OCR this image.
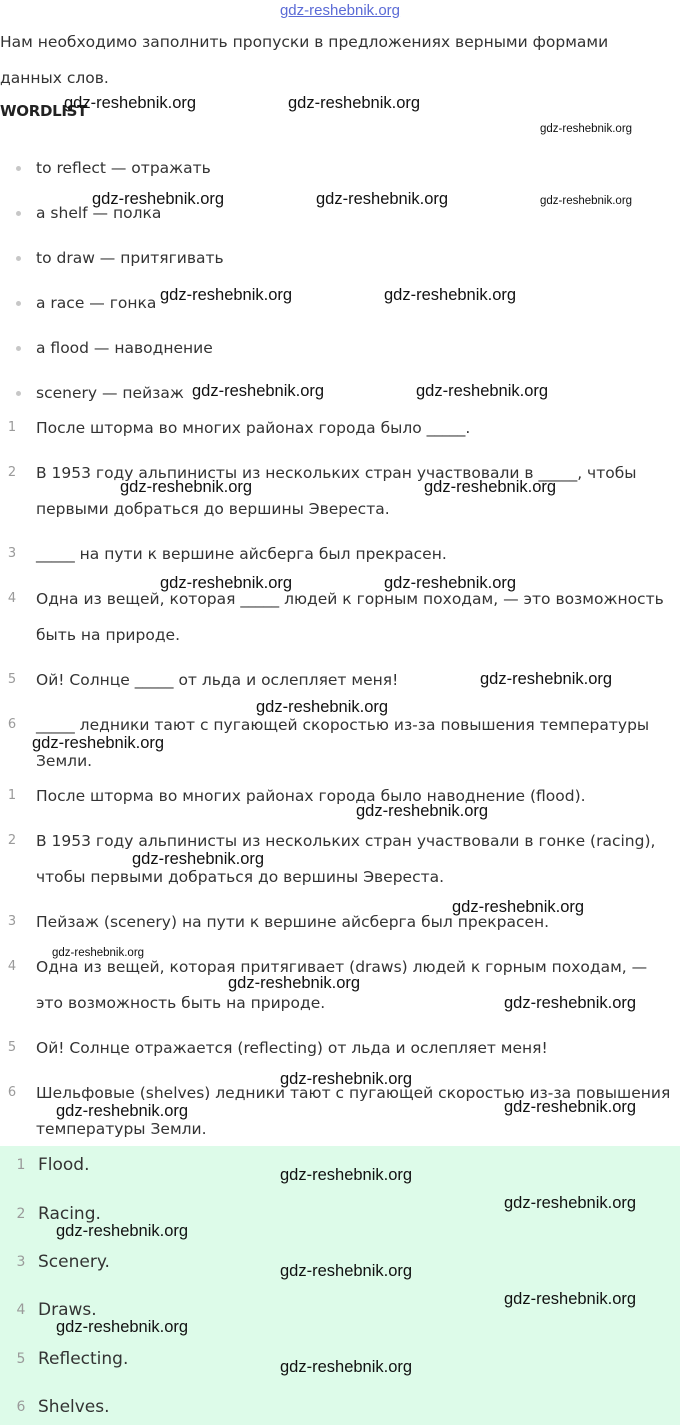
gdz-reshebnik.org
Нам необходимо заполнить пропуски в предложениях верными формами данных слов.
WORDLIST
to reflect — отражать
a shelf — полка
to draw — притягивать
a race — гонка
a flood — наводнение
scenery — пейзаж
1	После шторма во многих районах города было _____.
2	В 1953 году альпинисты из нескольких стран участвовали в _____, чтобы первыми добраться до вершины Эвереста.
3	_____ на пути к вершине айсберга был прекрасен.
4	Одна из вещей, которая _____ людей к горным походам, — это возможность быть на природе.
5	Ой! Солнце _____ от льда и ослепляет меня!
6	_____ ледники тают с пугающей скоростью из-за повышения температуры Земли.
1	После шторма во многих районах города было наводнение (flood).
2	В 1953 году альпинисты из нескольких стран участвовали в гонке (racing), чтобы первыми добраться до вершины Эвереста.
3	Пейзаж (scenery) на пути к вершине айсберга был прекрасен.
4	Одна из вещей, которая притягивает (draws) людей к горным походам, — это возможность быть на природе.
5	Ой! Солнце отражается (reflecting) от льда и ослепляет меня!
6	Шельфовые (shelves) ледники тают с пугающей скоростью из-за повышения температуры Земли.
1 Flood.
2 Racing.
3 Scenery.
4 Draws.
5 Reflecting.
6 Shelves.
gdz-reshebnik.org	gdz-reshebnik.org
gdz-reshebnik.org
gdz-reshebnik.org	gdz-reshebnik.org	gdz-reshebnik.org
gdz-reshebnik.org	gdz-reshebnik.org
gdz-reshebnik.org	gdz-reshebnik.org
gdz-reshebnik.org	gdz-reshebnik.org
gdz-reshebnik.org	gdz-reshebnik.org
gdz-reshebnik.org
gdz-reshebnik.org
gdz-reshebnik.org
gdz-reshebnik.org
gdz-reshebnik.org
gdz-reshebnik.org
gdz-reshebnik.org
gdz-reshebnik.org
gdz-reshebnik.org
gdz-reshebnik.org
gdz-reshebnik.org
gdz-reshebnik.org
gdz-reshebnik.org
gdz-reshebnik.org
gdz-reshebnik.org
gdz-reshebnik.org
gdz-reshebnik.org
gdz-reshebnik.org
gdz-reshebnik.org
